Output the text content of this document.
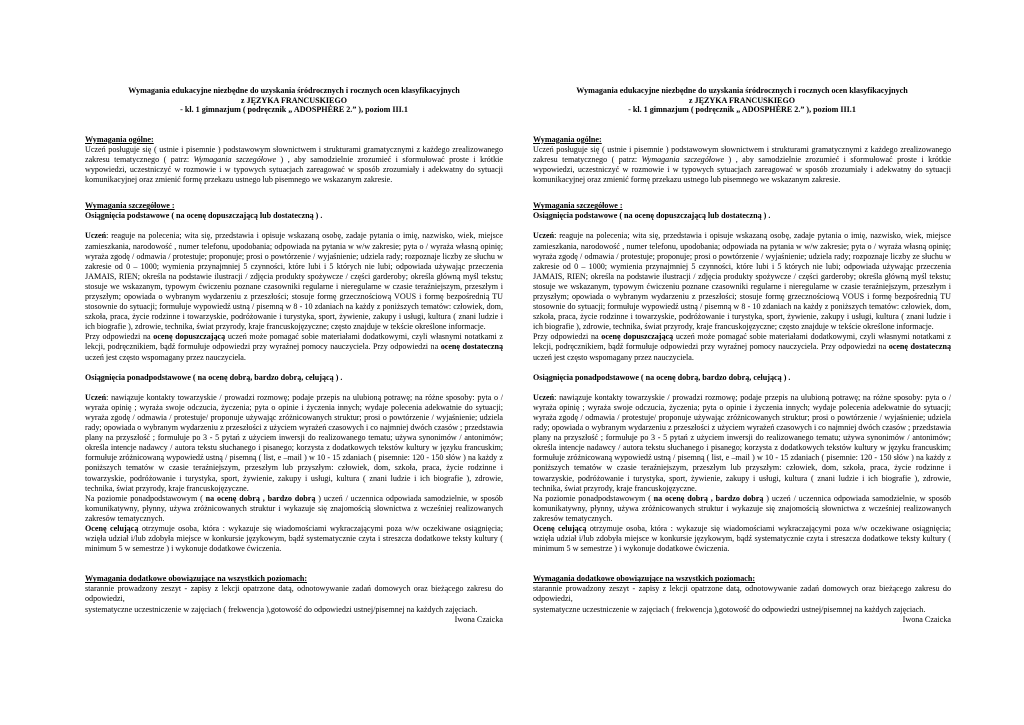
Wymagania edukacyjne niezbędne do uzyskania śródrocznych i rocznych ocen klasyfikacyjnych
z JĘZYKA FRANCUSKIEGO
- kl. 1 gimnazjum ( podręcznik „ ADOSPHÈRE 2.” ), poziom III.1

Wymagania ogólne:

Uczeń posługuje się ( ustnie i pisemnie ) podstawowym słownictwem i strukturami gramatycznymi z każdego zrealizowanego zakresu tematycznego ( patrz: Wymagania szczegółowe ) , aby samodzielnie zrozumieć i sformułować proste i krótkie wypowiedzi, uczestniczyć w rozmowie i w typowych sytuacjach zareagować w sposób zrozumiały i adekwatny do sytuacji komunikacyjnej oraz zmienić formę przekazu ustnego lub pisemnego we wskazanym zakresie.

Wymagania szczegółowe :

Osiągnięcia podstawowe ( na ocenę dopuszczającą lub dostateczną ) .

Uczeń: reaguje na polecenia; wita się, przedstawia i opisuje wskazaną osobę, zadaje pytania o imię, nazwisko, wiek, miejsce zamieszkania, narodowość , numer telefonu, upodobania; odpowiada na pytania w w/w zakresie; pyta o / wyraża własną opinię; wyraża zgodę / odmawia / protestuje; proponuje; prosi o powtórzenie / wyjaśnienie; udziela rady; rozpoznaje liczby ze słuchu w zakresie od 0 – 1000; wymienia przynajmniej 5 czynności, które lubi i 5 których nie lubi; odpowiada używając przeczenia JAMAIS, RIEN; określa na podstawie ilustracji / zdjęcia produkty spożywcze / części garderoby; określa główną myśl tekstu; stosuje we wskazanym, typowym ćwiczeniu poznane czasowniki regularne i nieregularne w czasie teraźniejszym, przeszłym i przyszłym; opowiada o wybranym wydarzeniu z przeszłości; stosuje formę grzecznościową VOUS i formę bezpośrednią TU stosownie do sytuacji; formułuje wypowiedź ustną / pisemną w 8 - 10 zdaniach na każdy z poniższych tematów: człowiek, dom, szkoła, praca, życie rodzinne i towarzyskie, podróżowanie i turystyka, sport, żywienie, zakupy i usługi, kultura ( znani ludzie i ich biografie ), zdrowie, technika, świat przyrody, kraje francuskojęzyczne; często znajduje w tekście określone informacje.

Przy odpowiedzi na ocenę dopuszczającą uczeń może pomagać sobie materiałami dodatkowymi, czyli własnymi notatkami z lekcji, podręcznikiem, bądź formułuje odpowiedzi przy wyraźnej pomocy nauczyciela. Przy odpowiedzi na ocenę dostateczną uczeń jest często wspomagany przez nauczyciela.

Osiągnięcia ponadpodstawowe ( na ocenę dobrą, bardzo dobrą, celującą ) .

Uczeń: nawiązuje kontakty towarzyskie / prowadzi rozmowę; podaje przepis na ulubioną potrawę; na różne sposoby: pyta o / wyraża opinię ; wyraża swoje odczucia, życzenia; pyta o opinie i życzenia innych; wydaje polecenia adekwatnie do sytuacji; wyraża zgodę / odmawia / protestuje/ proponuje używając zróżnicowanych struktur; prosi o powtórzenie / wyjaśnienie; udziela rady; opowiada o wybranym wydarzeniu z przeszłości z użyciem wyrażeń czasowych i co najmniej dwóch czasów ; przedstawia plany na przyszłość ; formułuje po 3 - 5 pytań z użyciem inwersji do realizowanego tematu; używa synonimów / antonimów; określa intencje nadawcy / autora tekstu słuchanego i pisanego; korzysta z dodatkowych tekstów kultury w języku francuskim; formułuje zróżnicowaną wypowiedź ustną / pisemną ( list, e –mail ) w 10 - 15 zdaniach ( pisemnie: 120 - 150 słów ) na każdy z poniższych tematów w czasie teraźniejszym, przeszłym lub przyszłym: człowiek, dom, szkoła, praca, życie rodzinne i towarzyskie, podróżowanie i turystyka, sport, żywienie, zakupy i usługi, kultura ( znani ludzie i ich biografie ), zdrowie, technika, świat przyrody, kraje francuskojęzyczne.

Na poziomie ponadpodstawowym ( na ocenę dobrą , bardzo dobrą ) uczeń / uczennica odpowiada samodzielnie, w sposób komunikatywny, płynny, używa zróżnicowanych struktur i wykazuje się znajomością słownictwa z wcześniej realizowanych zakresów tematycznych.

Ocenę celującą otrzymuje osoba, która : wykazuje się wiadomościami wykraczającymi poza w/w oczekiwane osiągnięcia; wzięła udział i/lub zdobyła miejsce w konkursie językowym, bądź systematycznie czyta i streszcza dodatkowe teksty kultury ( minimum 5 w semestrze ) i wykonuje dodatkowe ćwiczenia.

Wymagania dodatkowe obowiązujące na wszystkich poziomach:

starannie prowadzony zeszyt - zapisy z lekcji opatrzone datą, odnotowywanie zadań domowych oraz bieżącego zakresu do odpowiedzi,

systematyczne uczestniczenie w zajęciach ( frekwencja ),gotowość do odpowiedzi ustnej/pisemnej na każdych zajęciach.

Iwona Czaicka

Wymagania edukacyjne niezbędne do uzyskania śródrocznych i rocznych ocen klasyfikacyjnych
z JĘZYKA FRANCUSKIEGO
- kl. 1 gimnazjum ( podręcznik „ ADOSPHÈRE 2.” ), poziom III.1

Wymagania ogólne:

Uczeń posługuje się ( ustnie i pisemnie ) podstawowym słownictwem i strukturami gramatycznymi z każdego zrealizowanego zakresu tematycznego ( patrz: Wymagania szczegółowe ) , aby samodzielnie zrozumieć i sformułować proste i krótkie wypowiedzi, uczestniczyć w rozmowie i w typowych sytuacjach zareagować w sposób zrozumiały i adekwatny do sytuacji komunikacyjnej oraz zmienić formę przekazu ustnego lub pisemnego we wskazanym zakresie.

Wymagania szczegółowe :

Osiągnięcia podstawowe ( na ocenę dopuszczającą lub dostateczną ) .

Uczeń: reaguje na polecenia; wita się, przedstawia i opisuje wskazaną osobę, zadaje pytania o imię, nazwisko, wiek, miejsce zamieszkania, narodowość , numer telefonu, upodobania; odpowiada na pytania w w/w zakresie; pyta o / wyraża własną opinię; wyraża zgodę / odmawia / protestuje; proponuje; prosi o powtórzenie / wyjaśnienie; udziela rady; rozpoznaje liczby ze słuchu w zakresie od 0 – 1000; wymienia przynajmniej 5 czynności, które lubi i 5 których nie lubi; odpowiada używając przeczenia JAMAIS, RIEN; określa na podstawie ilustracji / zdjęcia produkty spożywcze / części garderoby; określa główną myśl tekstu; stosuje we wskazanym, typowym ćwiczeniu poznane czasowniki regularne i nieregularne w czasie teraźniejszym, przeszłym i przyszłym; opowiada o wybranym wydarzeniu z przeszłości; stosuje formę grzecznościową VOUS i formę bezpośrednią TU stosownie do sytuacji; formułuje wypowiedź ustną / pisemną w 8 - 10 zdaniach na każdy z poniższych tematów: człowiek, dom, szkoła, praca, życie rodzinne i towarzyskie, podróżowanie i turystyka, sport, żywienie, zakupy i usługi, kultura ( znani ludzie i ich biografie ), zdrowie, technika, świat przyrody, kraje francuskojęzyczne; często znajduje w tekście określone informacje.

Przy odpowiedzi na ocenę dopuszczającą uczeń może pomagać sobie materiałami dodatkowymi, czyli własnymi notatkami z lekcji, podręcznikiem, bądź formułuje odpowiedzi przy wyraźnej pomocy nauczyciela. Przy odpowiedzi na ocenę dostateczną uczeń jest często wspomagany przez nauczyciela.

Osiągnięcia ponadpodstawowe ( na ocenę dobrą, bardzo dobrą, celującą ) .

Uczeń: nawiązuje kontakty towarzyskie / prowadzi rozmowę; podaje przepis na ulubioną potrawę; na różne sposoby: pyta o / wyraża opinię ; wyraża swoje odczucia, życzenia; pyta o opinie i życzenia innych; wydaje polecenia adekwatnie do sytuacji; wyraża zgodę / odmawia / protestuje/ proponuje używając zróżnicowanych struktur; prosi o powtórzenie / wyjaśnienie; udziela rady; opowiada o wybranym wydarzeniu z przeszłości z użyciem wyrażeń czasowych i co najmniej dwóch czasów ; przedstawia plany na przyszłość ; formułuje po 3 - 5 pytań z użyciem inwersji do realizowanego tematu; używa synonimów / antonimów; określa intencje nadawcy / autora tekstu słuchanego i pisanego; korzysta z dodatkowych tekstów kultury w języku francuskim; formułuje zróżnicowaną wypowiedź ustną / pisemną ( list, e –mail ) w 10 - 15 zdaniach ( pisemnie: 120 - 150 słów ) na każdy z poniższych tematów w czasie teraźniejszym, przeszłym lub przyszłym: człowiek, dom, szkoła, praca, życie rodzinne i towarzyskie, podróżowanie i turystyka, sport, żywienie, zakupy i usługi, kultura ( znani ludzie i ich biografie ), zdrowie, technika, świat przyrody, kraje francuskojęzyczne.

Na poziomie ponadpodstawowym ( na ocenę dobrą , bardzo dobrą ) uczeń / uczennica odpowiada samodzielnie, w sposób komunikatywny, płynny, używa zróżnicowanych struktur i wykazuje się znajomością słownictwa z wcześniej realizowanych zakresów tematycznych.

Ocenę celującą otrzymuje osoba, która : wykazuje się wiadomościami wykraczającymi poza w/w oczekiwane osiągnięcia; wzięła udział i/lub zdobyła miejsce w konkursie językowym, bądź systematycznie czyta i streszcza dodatkowe teksty kultury ( minimum 5 w semestrze ) i wykonuje dodatkowe ćwiczenia.

Wymagania dodatkowe obowiązujące na wszystkich poziomach:

starannie prowadzony zeszyt - zapisy z lekcji opatrzone datą, odnotowywanie zadań domowych oraz bieżącego zakresu do odpowiedzi,

systematyczne uczestniczenie w zajęciach ( frekwencja ),gotowość do odpowiedzi ustnej/pisemnej na każdych zajęciach.

Iwona Czaicka
